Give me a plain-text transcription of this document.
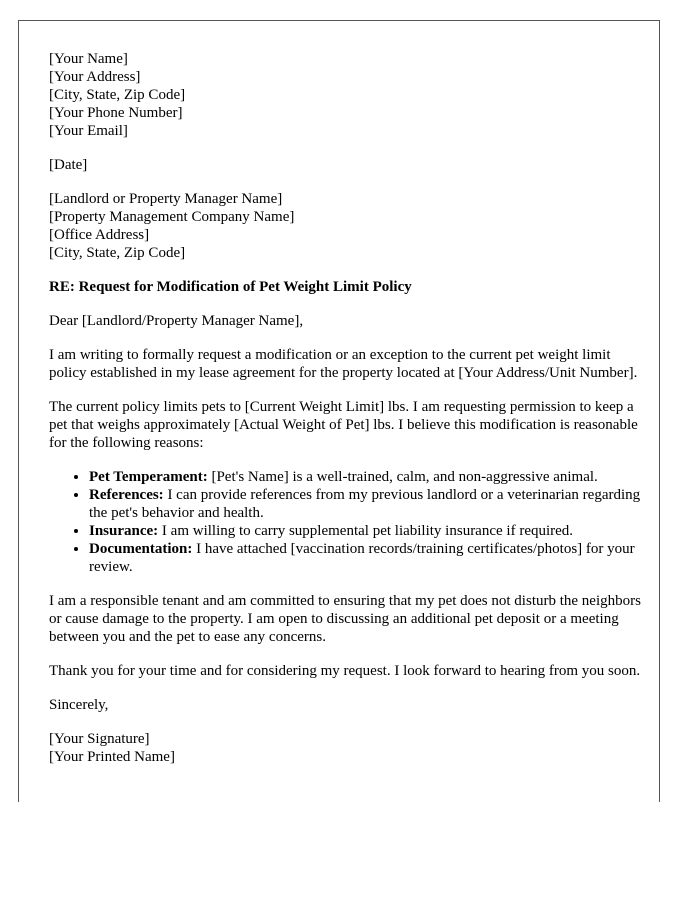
[Your Name]
[Your Address]
[City, State, Zip Code]
[Your Phone Number]
[Your Email]

[Date]

[Landlord or Property Manager Name]
[Property Management Company Name]
[Office Address]
[City, State, Zip Code]

RE: Request for Modification of Pet Weight Limit Policy

Dear [Landlord/Property Manager Name],

I am writing to formally request a modification or an exception to the current pet weight limit policy established in my lease agreement for the property located at [Your Address/Unit Number].

The current policy limits pets to [Current Weight Limit] lbs. I am requesting permission to keep a pet that weighs approximately [Actual Weight of Pet] lbs. I believe this modification is reasonable for the following reasons:

• Pet Temperament: [Pet's Name] is a well-trained, calm, and non-aggressive animal.
• References: I can provide references from my previous landlord or a veterinarian regarding the pet's behavior and health.
• Insurance: I am willing to carry supplemental pet liability insurance if required.
• Documentation: I have attached [vaccination records/training certificates/photos] for your review.

I am a responsible tenant and am committed to ensuring that my pet does not disturb the neighbors or cause damage to the property. I am open to discussing an additional pet deposit or a meeting between you and the pet to ease any concerns.

Thank you for your time and for considering my request. I look forward to hearing from you soon.

Sincerely,

[Your Signature]
[Your Printed Name]
